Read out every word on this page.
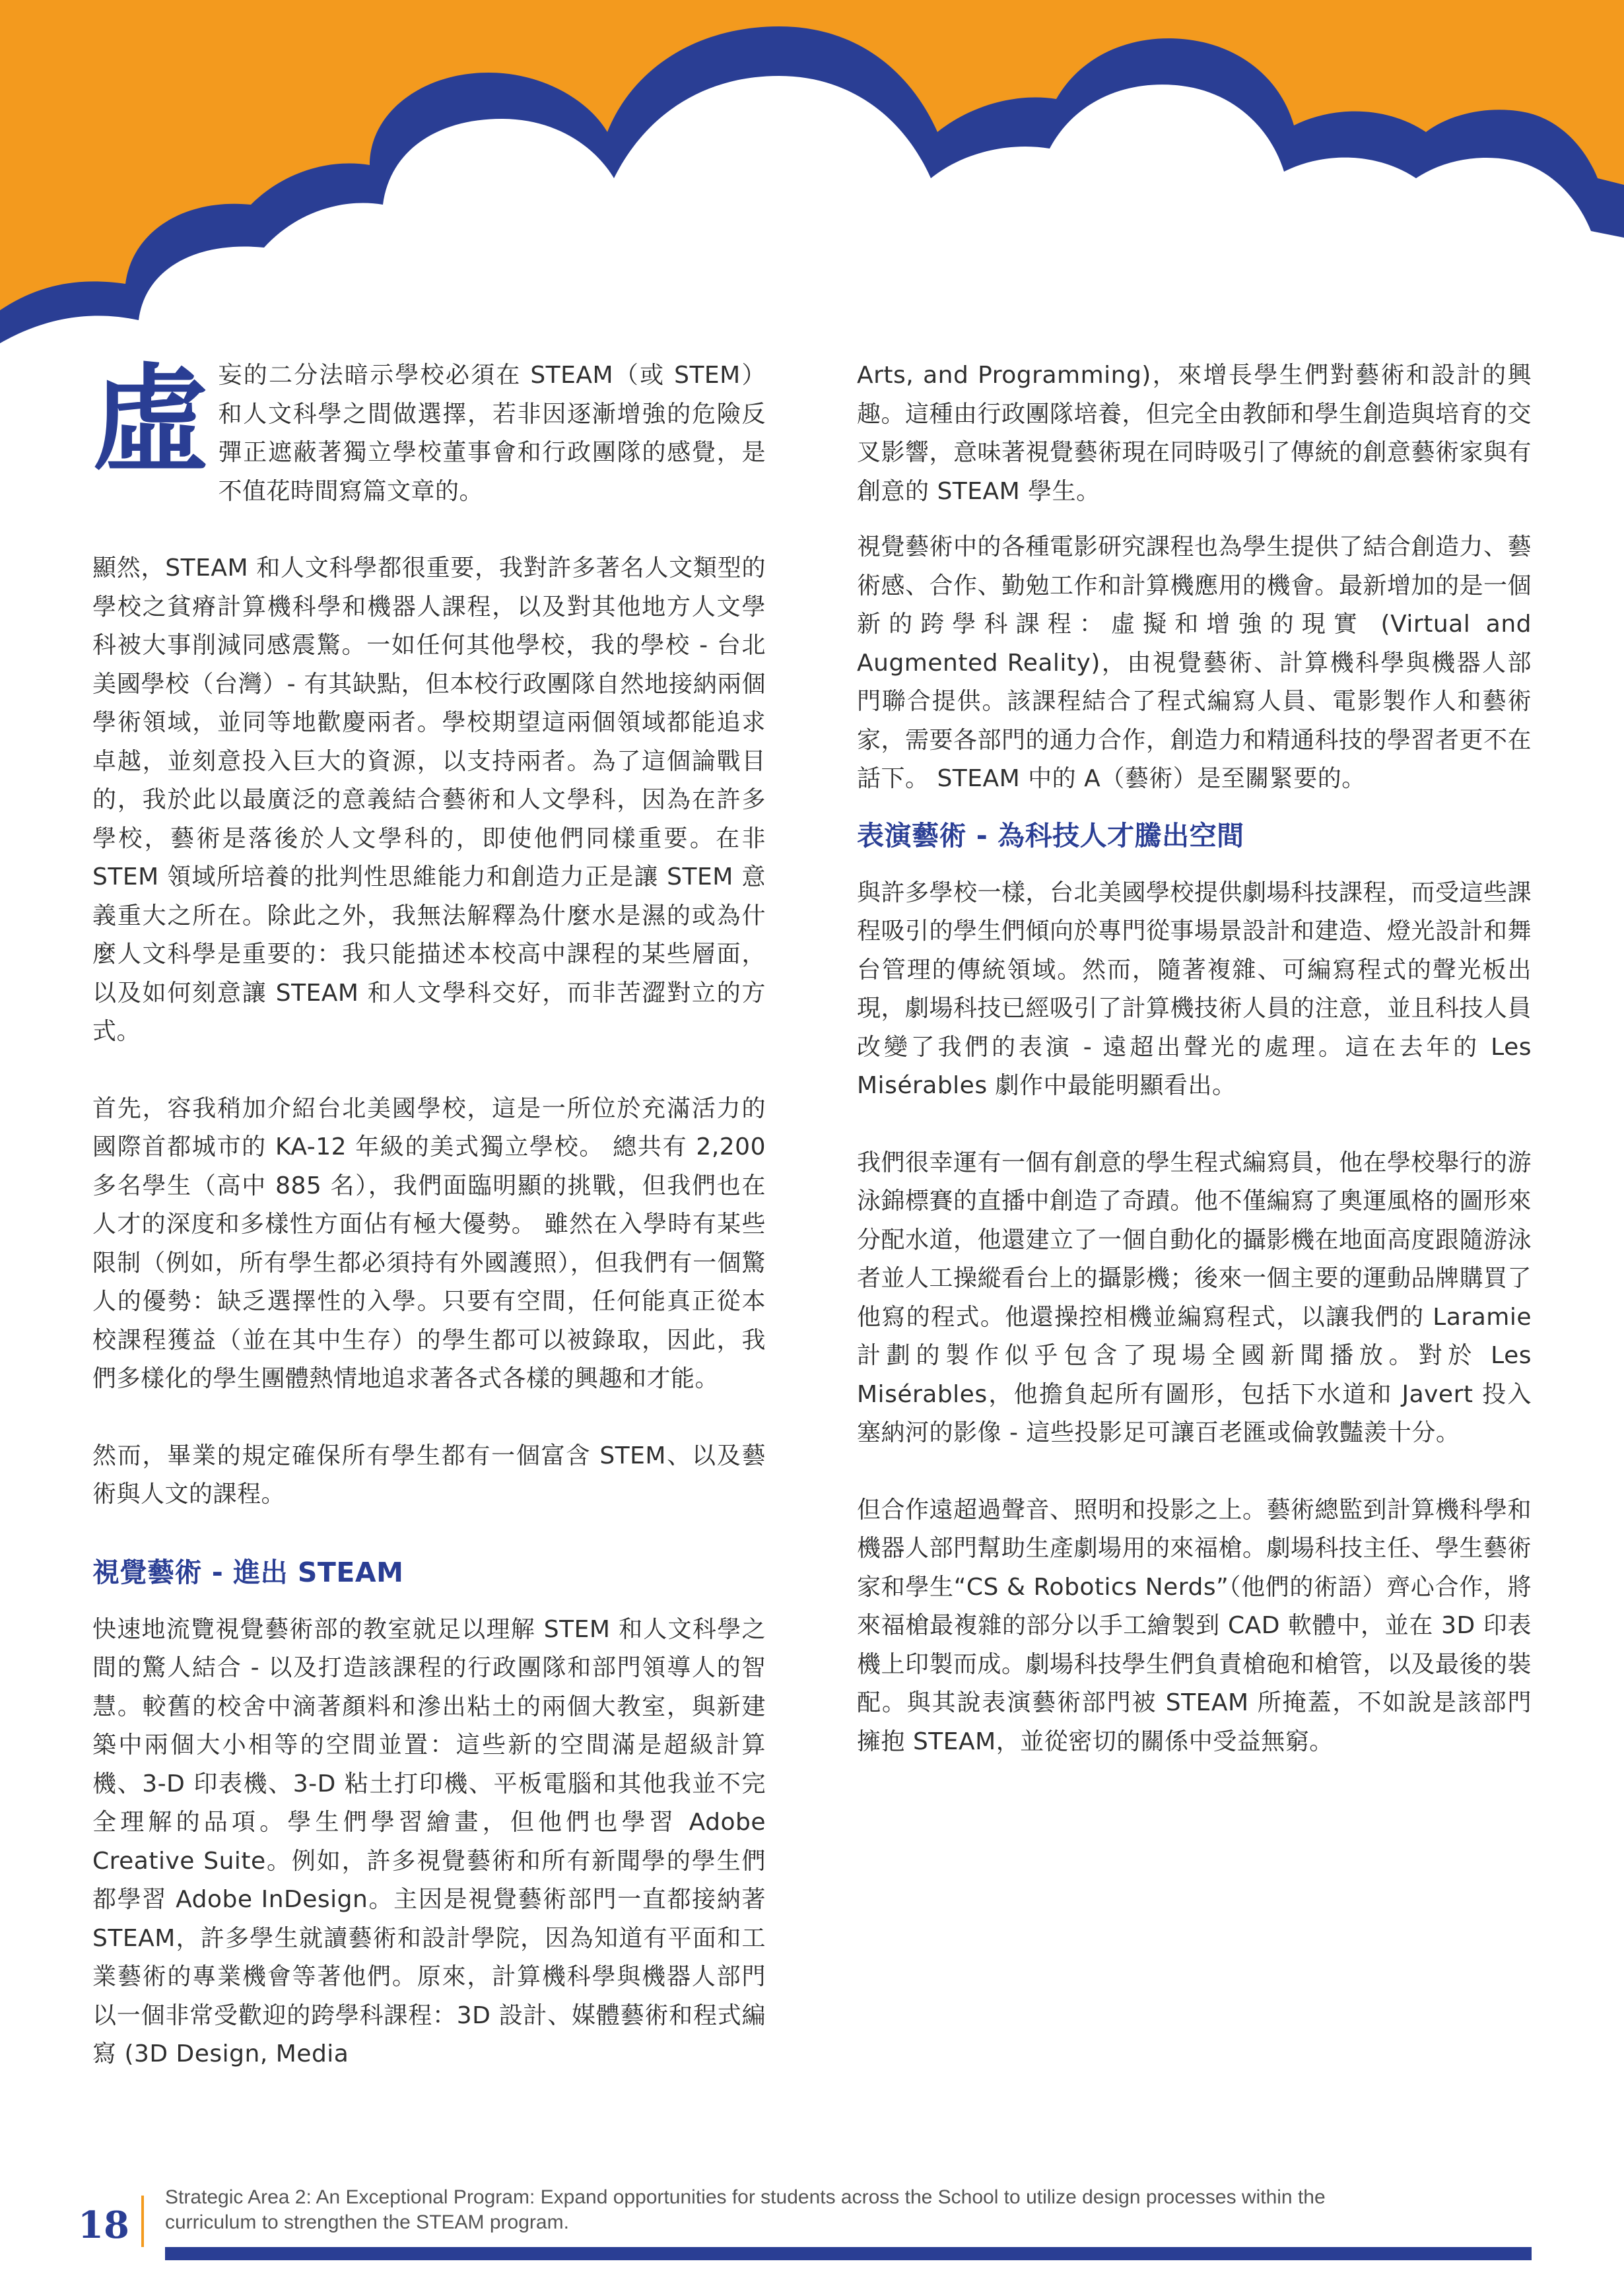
虛妄的二分法暗示學校必須在 STEAM（或 STEM）和人文科學之間做選擇，若非因逐漸增強的危險反彈正遮蔽著獨立學校董事會和行政團隊的感覺，是不值花時間寫篇文章的。

顯然，STEAM 和人文科學都很重要，我對許多著名人文類型的學校之貧瘠計算機科學和機器人課程，以及對其他地方人文學科被大事削減同感震驚。一如任何其他學校，我的學校 - 台北美國學校（台灣）- 有其缺點，但本校行政團隊自然地接納兩個學術領域，並同等地歡慶兩者。學校期望這兩個領域都能追求卓越，並刻意投入巨大的資源，以支持兩者。為了這個論戰目的，我於此以最廣泛的意義結合藝術和人文學科，因為在許多學校，藝術是落後於人文學科的，即使他們同樣重要。在非 STEM 領域所培養的批判性思維能力和創造力正是讓 STEM 意義重大之所在。除此之外，我無法解釋為什麼水是濕的或為什麼人文科學是重要的：我只能描述本校高中課程的某些層面，以及如何刻意讓 STEAM 和人文學科交好，而非苦澀對立的方式。

首先，容我稍加介紹台北美國學校，這是一所位於充滿活力的國際首都城市的 KA-12 年級的美式獨立學校。 總共有 2,200 多名學生（高中 885 名），我們面臨明顯的挑戰，但我們也在人才的深度和多樣性方面佔有極大優勢。 雖然在入學時有某些限制（例如，所有學生都必須持有外國護照），但我們有一個驚人的優勢：缺乏選擇性的入學。只要有空間，任何能真正從本校課程獲益（並在其中生存）的學生都可以被錄取，因此，我們多樣化的學生團體熱情地追求著各式各樣的興趣和才能。

然而，畢業的規定確保所有學生都有一個富含 STEM、以及藝術與人文的課程。

視覺藝術 - 進出 STEAM

快速地流覽視覺藝術部的教室就足以理解 STEM 和人文科學之間的驚人結合 - 以及打造該課程的行政團隊和部門領導人的智慧。較舊的校舍中滴著顏料和滲出粘土的兩個大教室，與新建築中兩個大小相等的空間並置：這些新的空間滿是超級計算機、3-D 印表機、3-D 粘土打印機、平板電腦和其他我並不完全理解的品項。學生們學習繪畫，但他們也學習 Adobe Creative Suite。例如，許多視覺藝術和所有新聞學的學生們都學習 Adobe InDesign。主因是視覺藝術部門一直都接納著 STEAM，許多學生就讀藝術和設計學院，因為知道有平面和工業藝術的專業機會等著他們。原來，計算機科學與機器人部門以一個非常受歡迎的跨學科課程：3D 設計、媒體藝術和程式編寫 (3D Design, Media

Arts, and Programming)，來增長學生們對藝術和設計的興趣。這種由行政團隊培養，但完全由教師和學生創造與培育的交叉影響，意味著視覺藝術現在同時吸引了傳統的創意藝術家與有創意的 STEAM 學生。

視覺藝術中的各種電影研究課程也為學生提供了結合創造力、藝術感、合作、勤勉工作和計算機應用的機會。最新增加的是一個新的跨學科課程：虛擬和增強的現實 (Virtual and Augmented Reality)，由視覺藝術、計算機科學與機器人部門聯合提供。該課程結合了程式編寫人員、電影製作人和藝術家，需要各部門的通力合作，創造力和精通科技的學習者更不在話下。 STEAM 中的 A（藝術）是至關緊要的。

表演藝術 - 為科技人才騰出空間

與許多學校一樣，台北美國學校提供劇場科技課程，而受這些課程吸引的學生們傾向於專門從事場景設計和建造、燈光設計和舞台管理的傳統領域。然而，隨著複雜、可編寫程式的聲光板出現，劇場科技已經吸引了計算機技術人員的注意，並且科技人員改變了我們的表演 - 遠超出聲光的處理。這在去年的 Les Misérables 劇作中最能明顯看出。

我們很幸運有一個有創意的學生程式編寫員，他在學校舉行的游泳錦標賽的直播中創造了奇蹟。他不僅編寫了奧運風格的圖形來分配水道，他還建立了一個自動化的攝影機在地面高度跟隨游泳者並人工操縱看台上的攝影機；後來一個主要的運動品牌購買了他寫的程式。他還操控相機並編寫程式，以讓我們的 Laramie 計劃的製作似乎包含了現場全國新聞播放。對於 Les Misérables，他擔負起所有圖形，包括下水道和 Javert 投入塞納河的影像 - 這些投影足可讓百老匯或倫敦豔羨十分。

但合作遠超過聲音、照明和投影之上。藝術總監到計算機科學和機器人部門幫助生產劇場用的來福槍。劇場科技主任、學生藝術家和學生“CS & Robotics Nerds”（他們的術語）齊心合作，將來福槍最複雜的部分以手工繪製到 CAD 軟體中，並在 3D 印表機上印製而成。劇場科技學生們負責槍砲和槍管，以及最後的裝配。與其說表演藝術部門被 STEAM 所掩蓋，不如說是該部門擁抱 STEAM，並從密切的關係中受益無窮。

18
Strategic Area 2: An Exceptional Program: Expand opportunities for students across the School to utilize design processes within the curriculum to strengthen the STEAM program.
